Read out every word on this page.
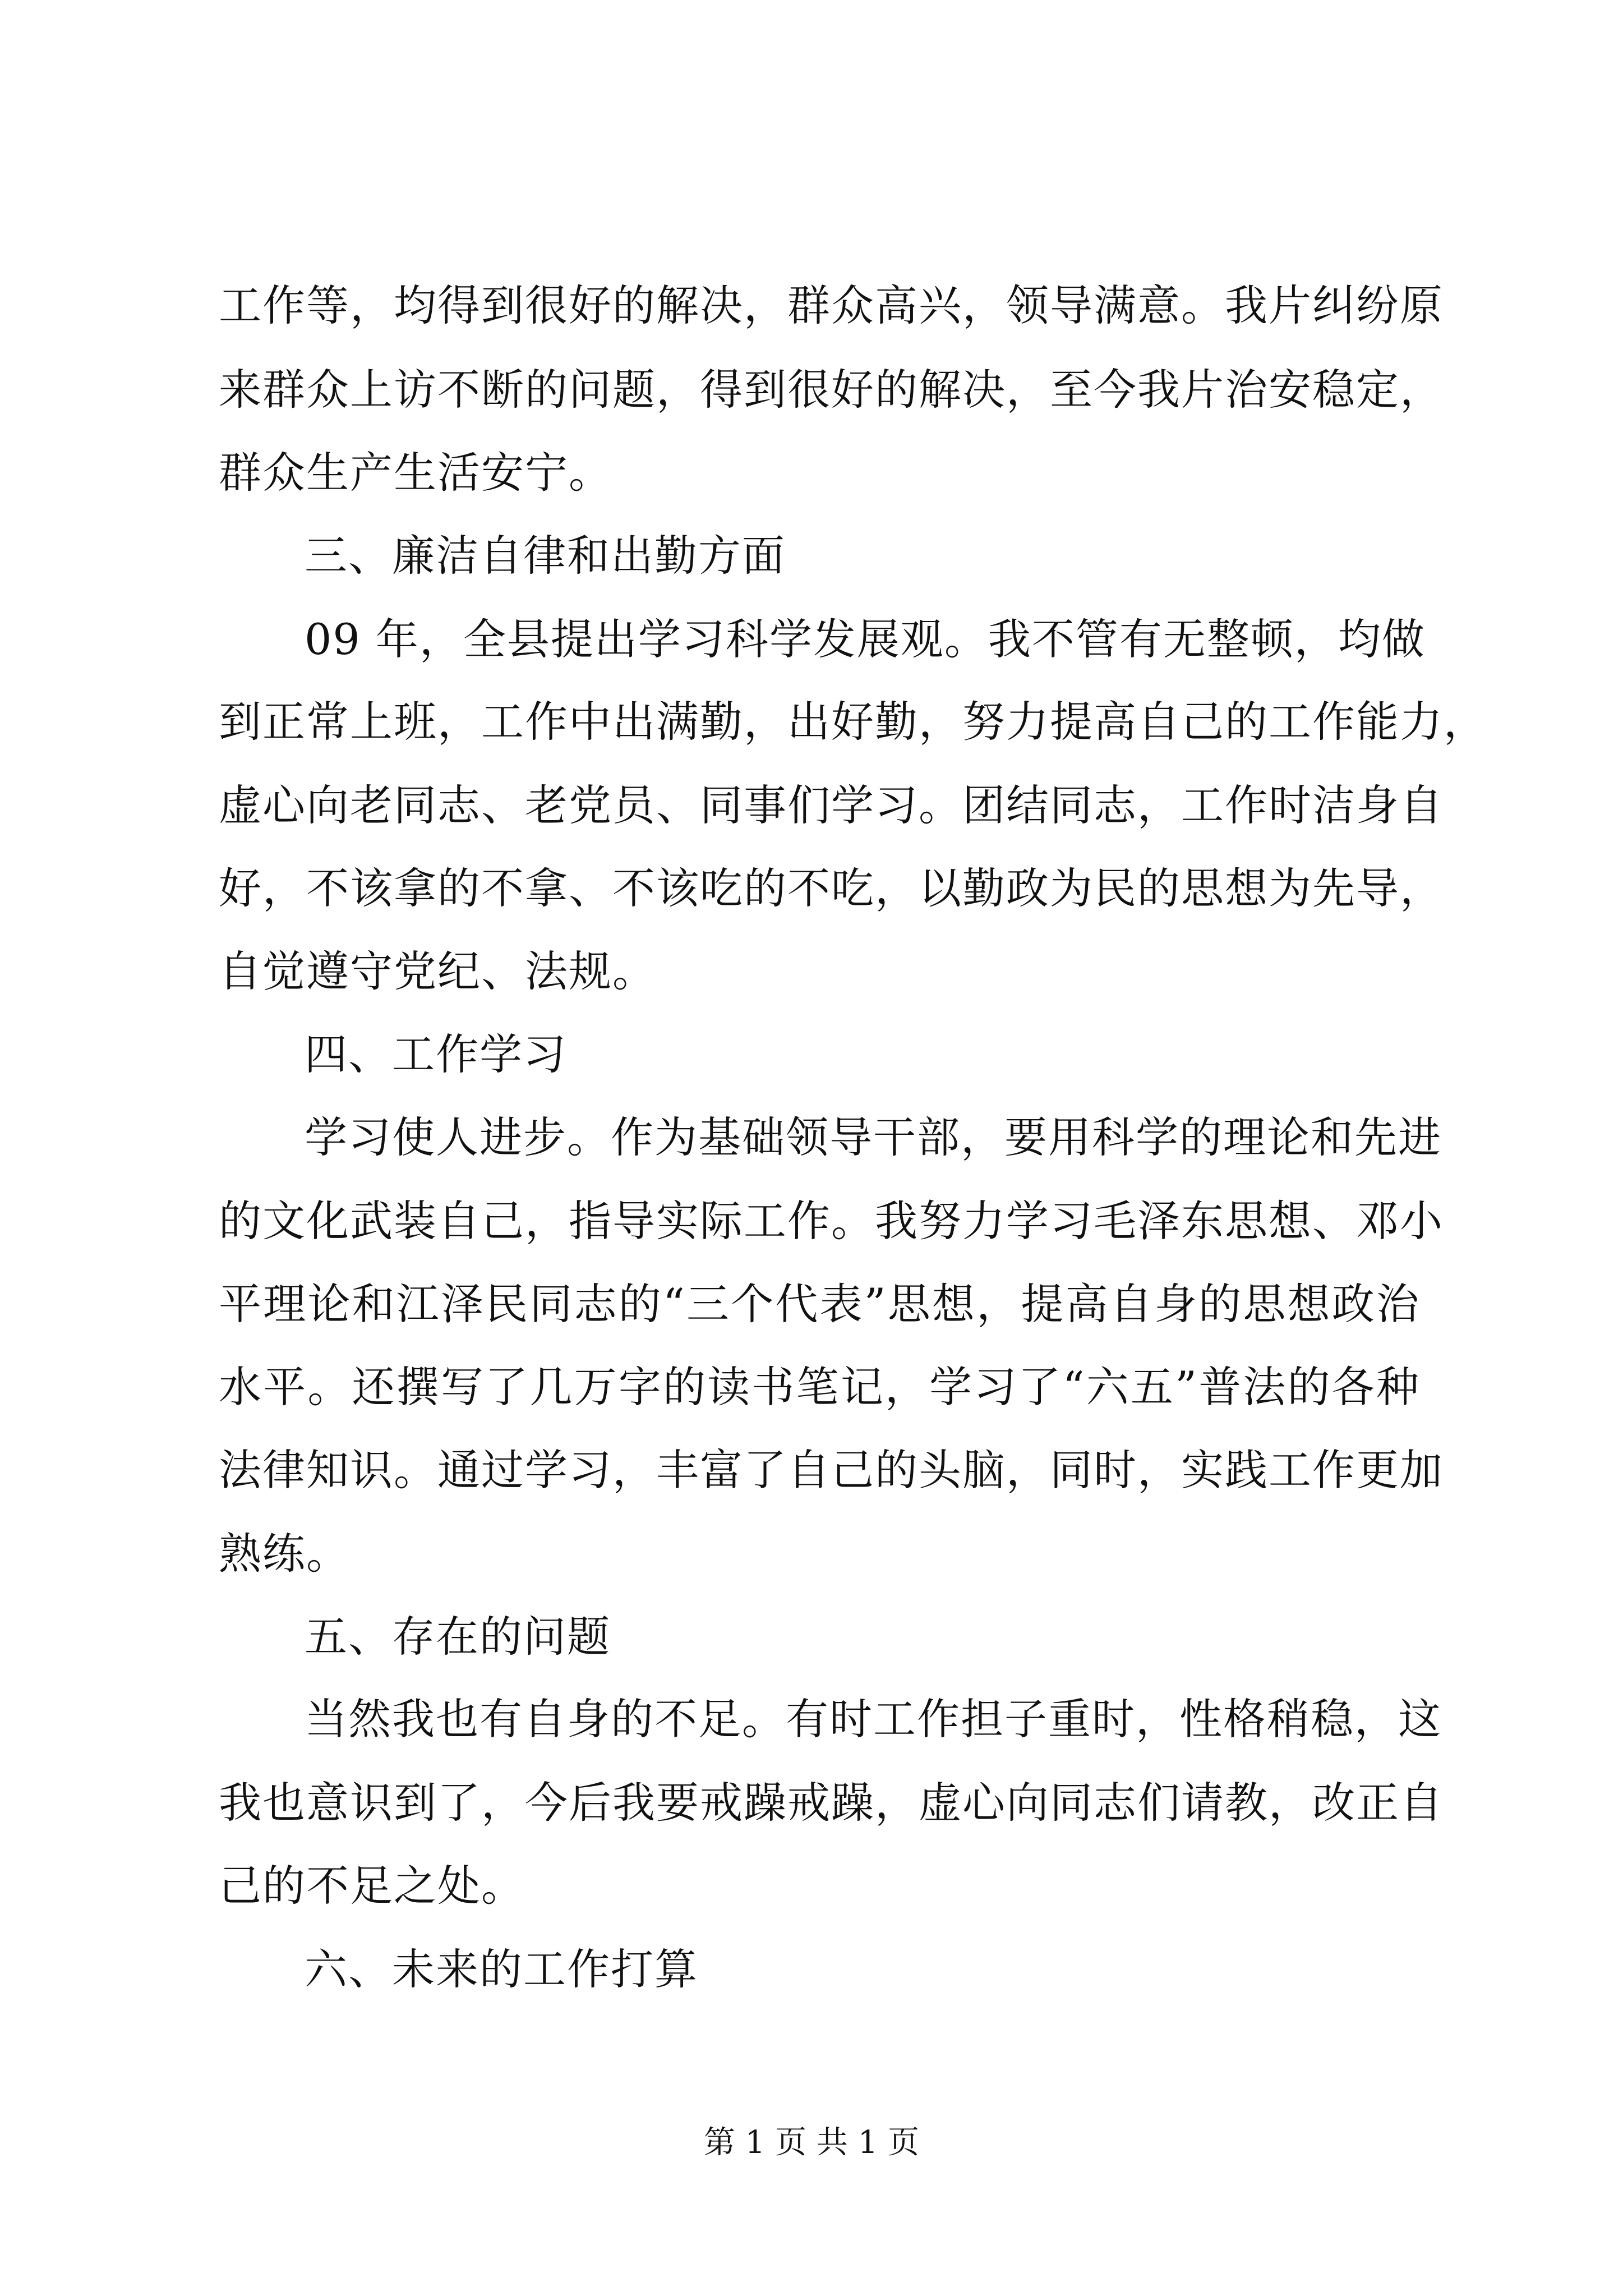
工作等，均得到很好的解决，群众高兴，领导满意。我片纠纷原
来群众上访不断的问题，得到很好的解决，至今我片治安稳定，
群众生产生活安宁。
三、廉洁自律和出勤方面
09 年，全县提出学习科学发展观。我不管有无整顿，均做
到正常上班，工作中出满勤，出好勤，努力提高自己的工作能力，
虚心向老同志、老党员、同事们学习。团结同志，工作时洁身自
好，不该拿的不拿、不该吃的不吃，以勤政为民的思想为先导，
自觉遵守党纪、法规。
四、工作学习
学习使人进步。作为基础领导干部，要用科学的理论和先进
的文化武装自己，指导实际工作。我努力学习毛泽东思想、邓小
平理论和江泽民同志的“三个代表”思想，提高自身的思想政治
水平。还撰写了几万字的读书笔记，学习了“六五”普法的各种
法律知识。通过学习，丰富了自己的头脑，同时，实践工作更加
熟练。
五、存在的问题
当然我也有自身的不足。有时工作担子重时，性格稍稳，这
我也意识到了，今后我要戒躁戒躁，虚心向同志们请教，改正自
己的不足之处。
六、未来的工作打算
第 1 页 共 1 页
